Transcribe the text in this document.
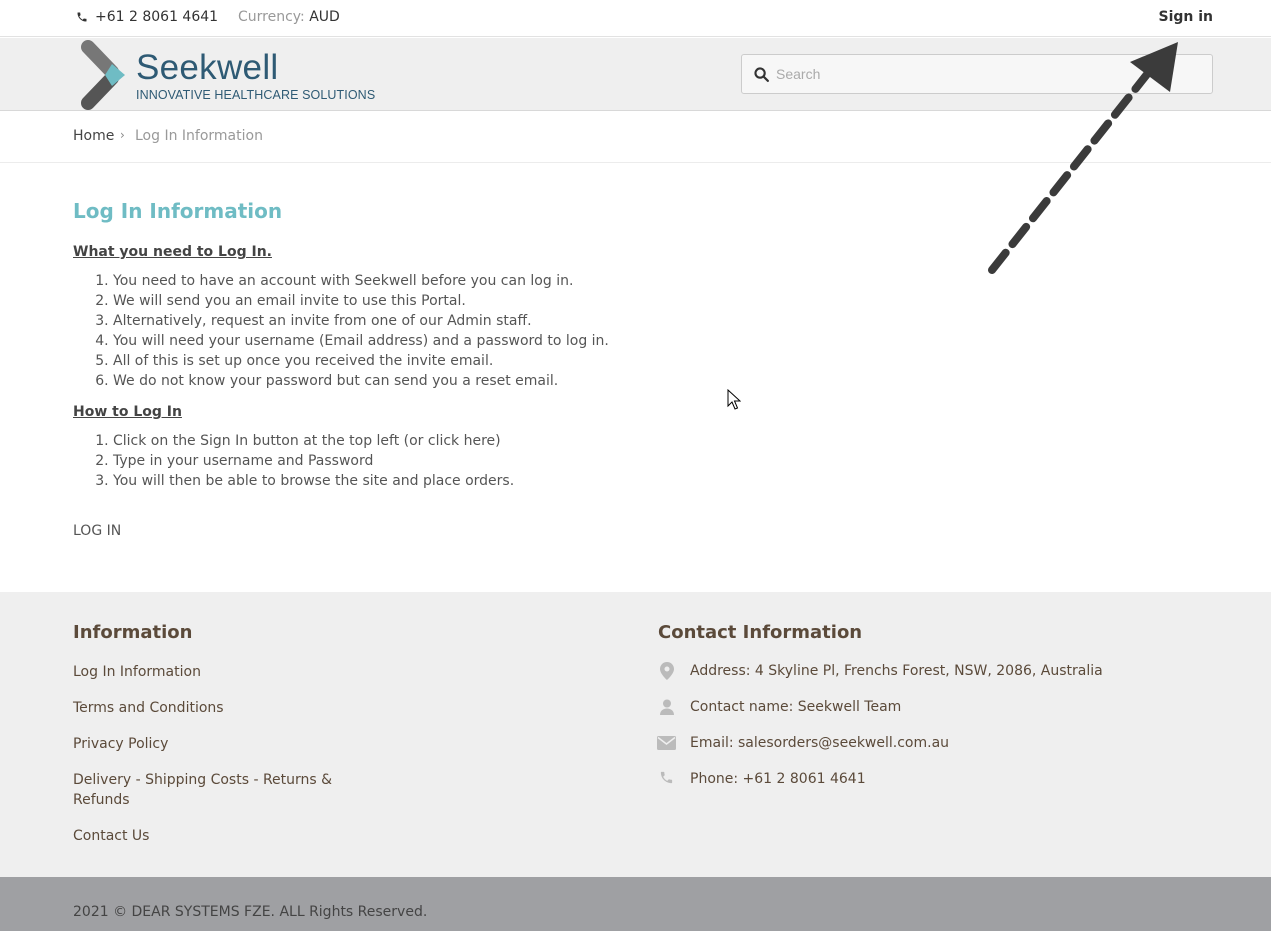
+61 2 8061 4641 Currency: AUD	Sign in
Seekwell
INNOVATIVE HEALTHCARE SOLUTIONS
Search
Home › Log In Information
Log In Information
What you need to Log In.
1. You need to have an account with Seekwell before you can log in.
2. We will send you an email invite to use this Portal.
3. Alternatively, request an invite from one of our Admin staff.
4. You will need your username (Email address) and a password to log in.
5. All of this is set up once you received the invite email.
6. We do not know your password but can send you a reset email.
How to Log In
1. Click on the Sign In button at the top left (or click here)
2. Type in your username and Password
3. You will then be able to browse the site and place orders.
LOG IN
Information
Log In Information
Terms and Conditions
Privacy Policy
Delivery - Shipping Costs - Returns & Refunds
Contact Us
Contact Information
Address: 4 Skyline Pl, Frenchs Forest, NSW, 2086, Australia
Contact name: Seekwell Team
Email: salesorders@seekwell.com.au
Phone: +61 2 8061 4641
2021 © DEAR SYSTEMS FZE. ALL Rights Reserved.
